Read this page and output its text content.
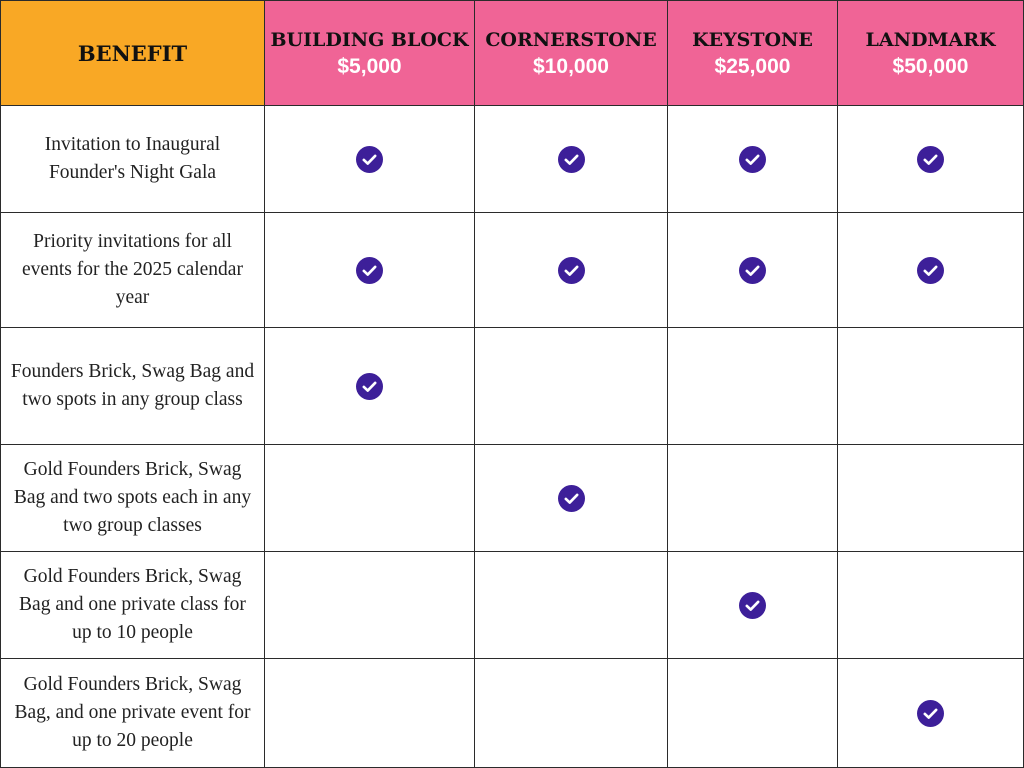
BENEFIT
BUILDING BLOCK
$5,000
CORNERSTONE
$10,000
KEYSTONE
$25,000
LANDMARK
$50,000
Invitation to Inaugural Founder's Night Gala
Priority invitations for all events for the 2025 calendar year
Founders Brick, Swag Bag and two spots in any group class
Gold Founders Brick, Swag Bag and two spots each in any two group classes
Gold Founders Brick, Swag Bag and one private class for up to 10 people
Gold Founders Brick, Swag Bag, and one private event for up to 20 people
